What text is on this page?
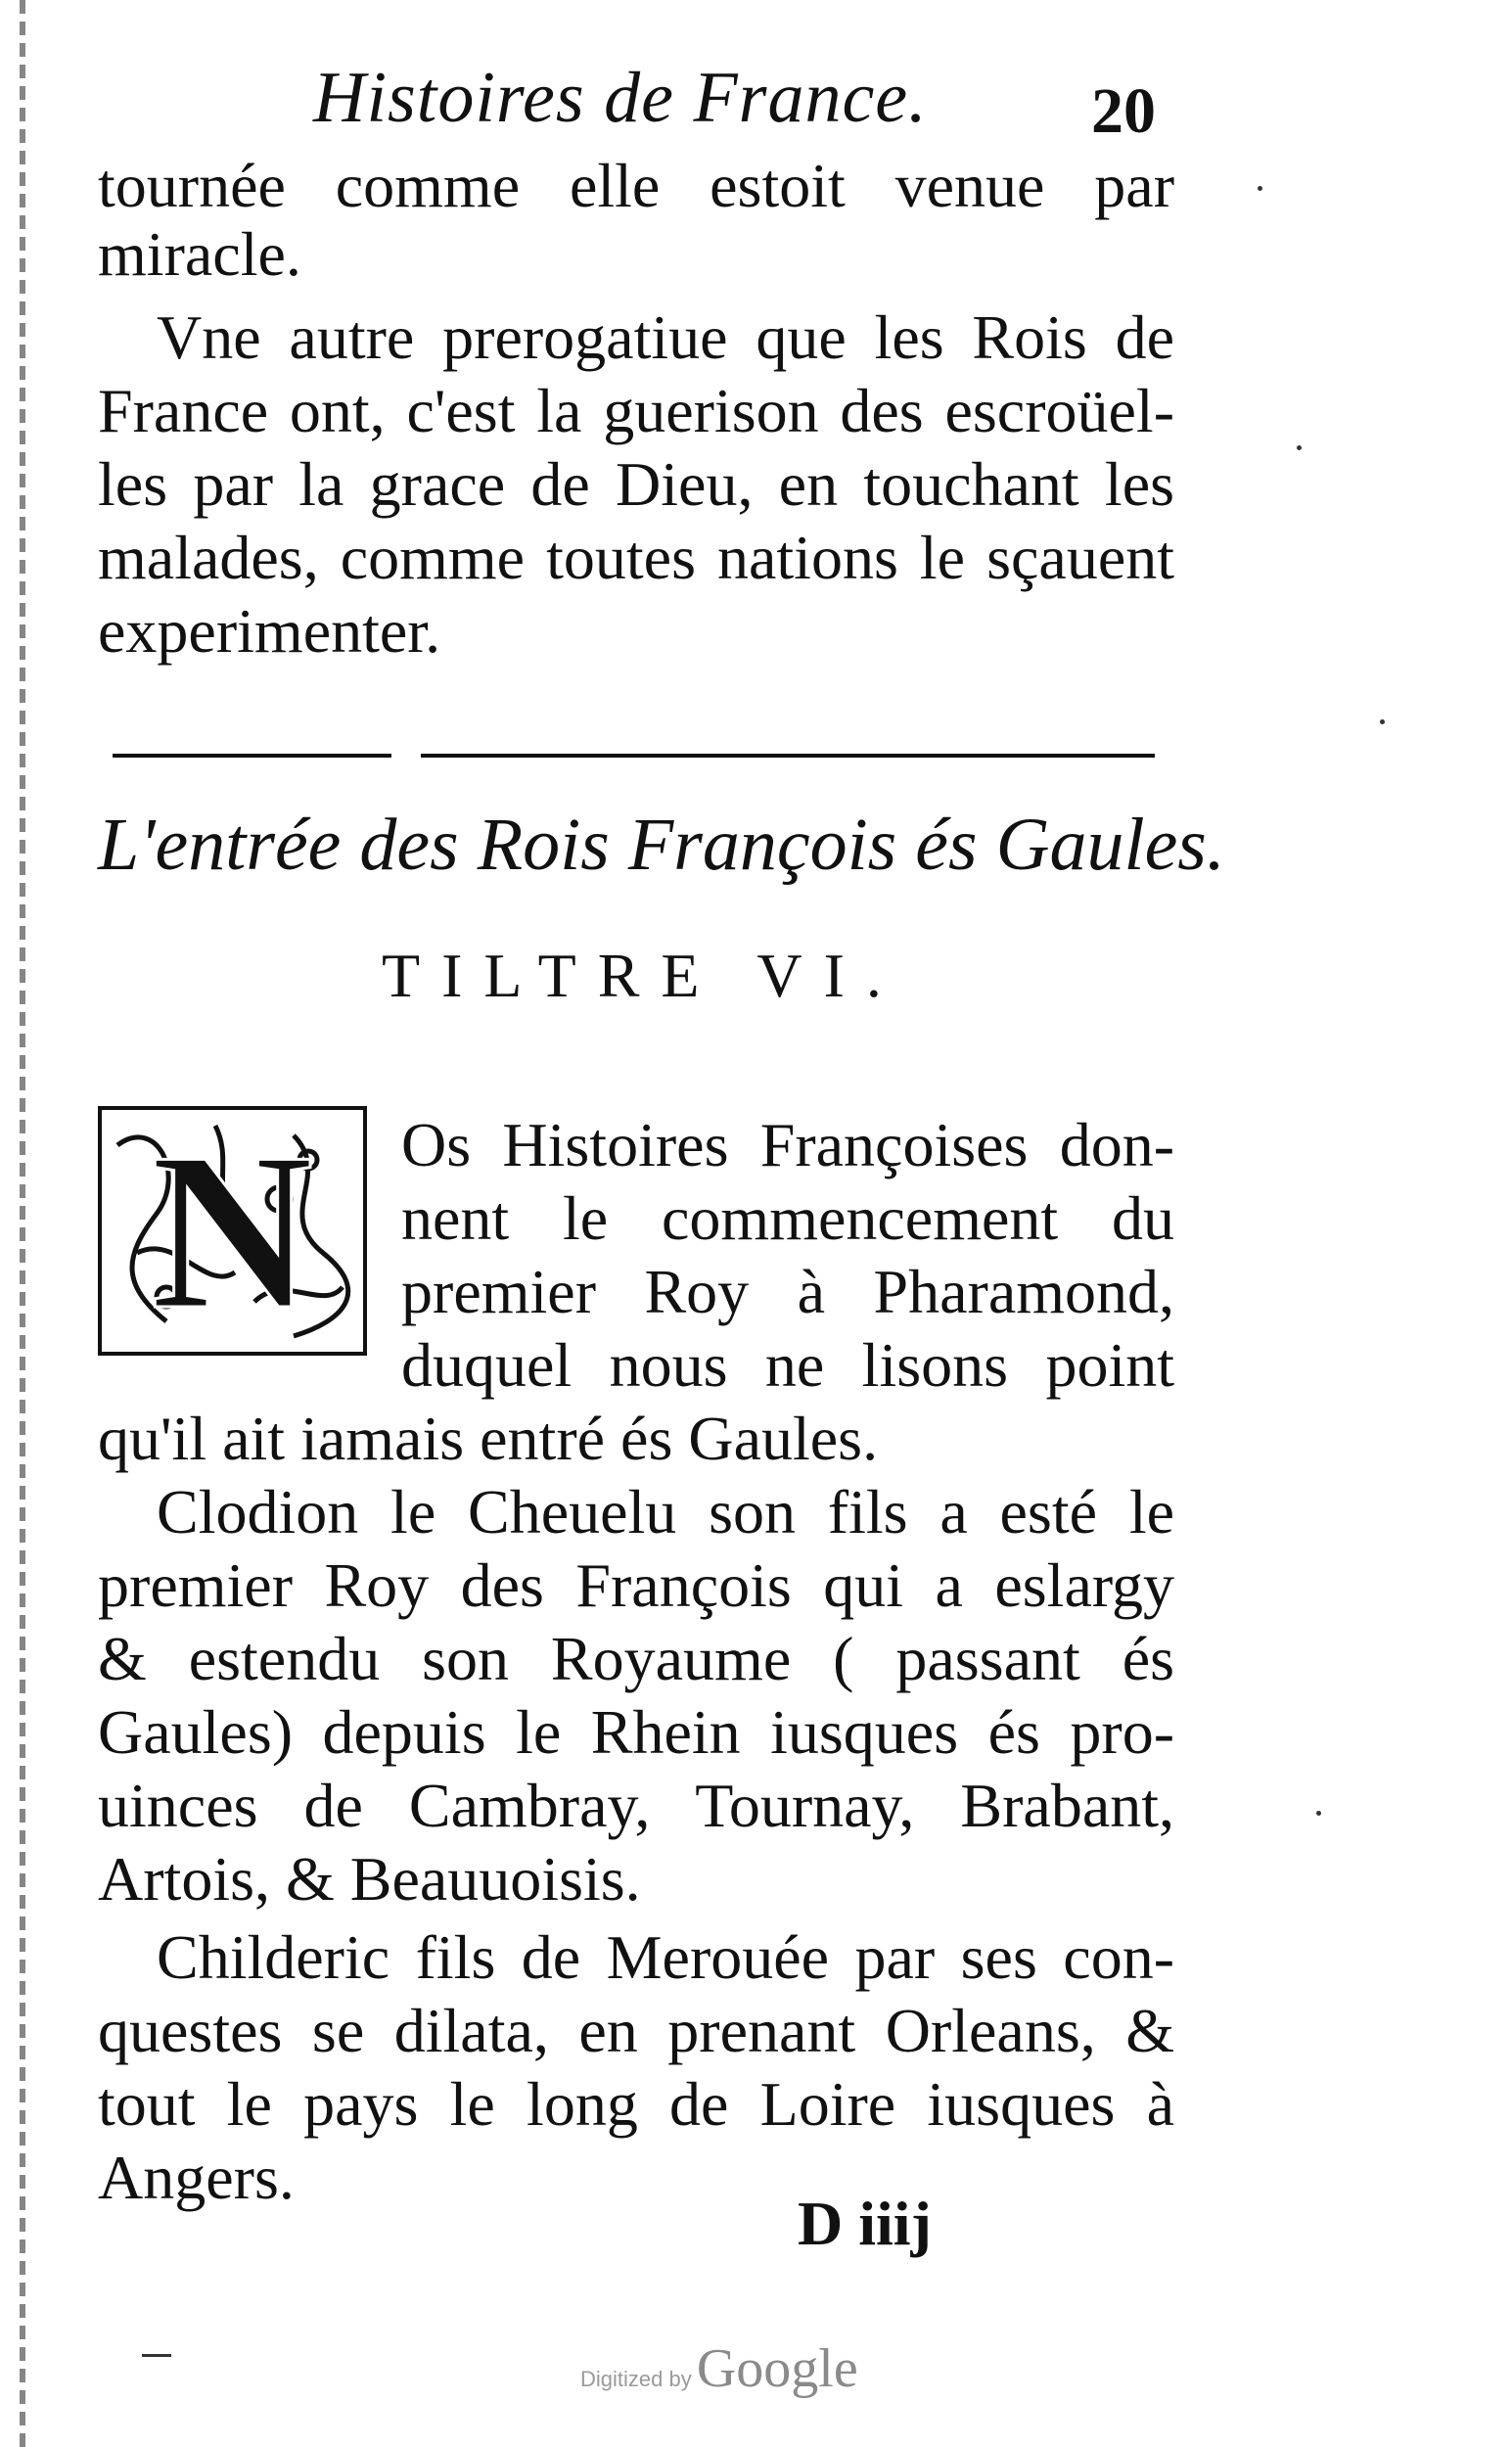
Histoires de France.	20
tournée comme elle estoit venue par
miracle.
Vne autre prerogatiue que les Rois de
France ont, c'est la guerison des escroüel-
les par la grace de Dieu, en touchant les
malades, comme toutes nations le sçauent
experimenter.
L'entrée des Rois François és Gaules.
TILTRE VI.
N Os Histoires Françoises don-
nent le commencement du
premier Roy à Pharamond,
duquel nous ne lisons point
qu'il ait iamais entré és Gaules.
Clodion le Cheuelu son fils a esté le
premier Roy des François qui a eslargy
& estendu son Royaume ( passant és
Gaules) depuis le Rhein iusques és pro-
uinces de Cambray, Tournay, Brabant,
Artois, & Beauuoisis.
Childeric fils de Merouée par ses con-
questes se dilata, en prenant Orleans, &
tout le pays le long de Loire iusques à
Angers.
D iiij
Digitized by Google
